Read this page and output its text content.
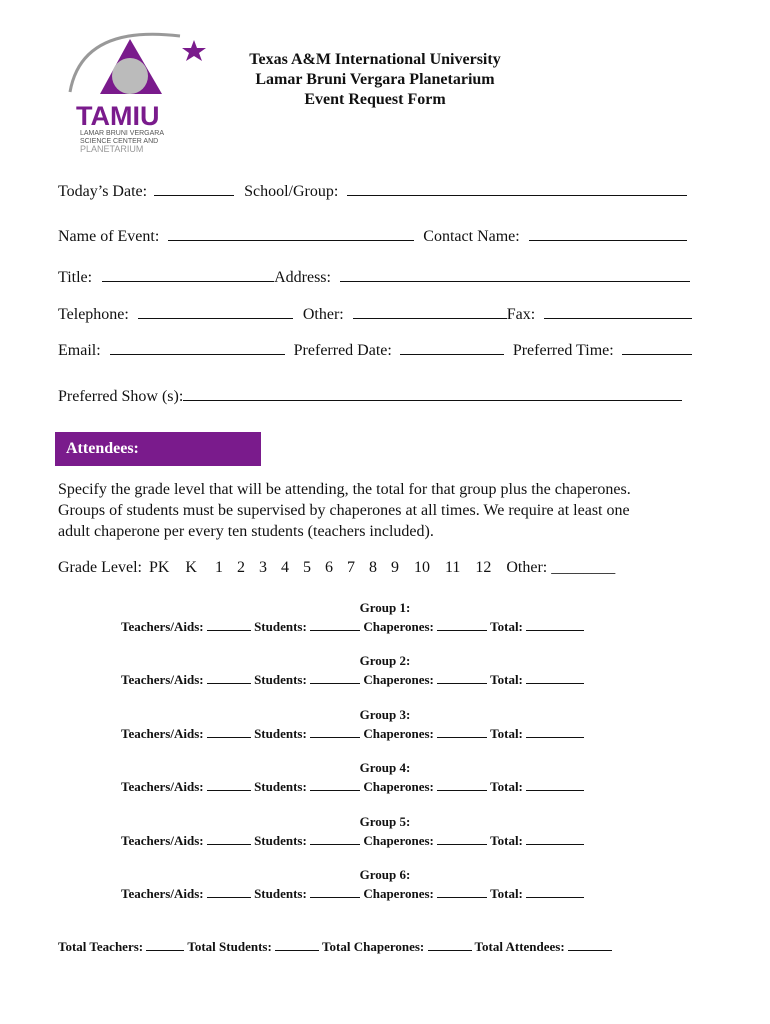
TAMIU
LAMAR BRUNI VERGARA
SCIENCE CENTER AND
PLANETARIUM
Texas A&M International University
Lamar Bruni Vergara Planetarium
Event Request Form
Today’s Date:	School/Group:
Name of Event:	Contact Name:
Title:	Address:
Telephone:	Other:	Fax:
Email:	Preferred Date:	Preferred Time:
Preferred Show (s):
Attendees:
Specify the grade level that will be attending, the total for that group plus the chaperones.
Groups of students must be supervised by chaperones at all times. We require at least one
adult chaperone per every ten students (teachers included).
Grade Level: PK K 1 2 3 4 5 6 7 8 9 10 11 12 Other: ________
Group 1:
Teachers/Aids:	Students:	Chaperones:	Total:
Group 2:
Teachers/Aids:	Students:	Chaperones:	Total:
Group 3:
Teachers/Aids:	Students:	Chaperones:	Total:
Group 4:
Teachers/Aids:	Students:	Chaperones:	Total:
Group 5:
Teachers/Aids:	Students:	Chaperones:	Total:
Group 6:
Teachers/Aids:	Students:	Chaperones:	Total:
Total Teachers:	Total Students:	Total Chaperones:	Total Attendees:
